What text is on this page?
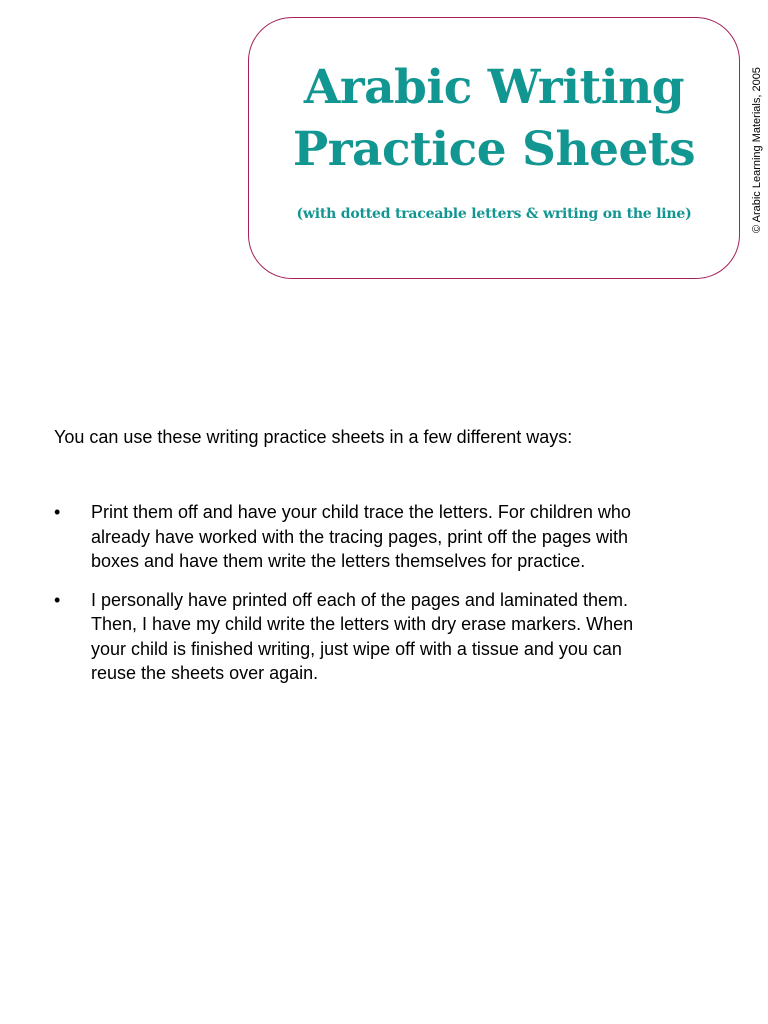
Arabic Writing
Practice Sheets
(with dotted traceable letters & writing on the line)	© Arabic Learning Materials, 2005
You can use these writing practice sheets in a few different ways:
•	Print them off and have your child trace the letters. For children who
already have worked with the tracing pages, print off the pages with
boxes and have them write the letters themselves for practice.
•	I personally have printed off each of the pages and laminated them.
Then, I have my child write the letters with dry erase markers. When
your child is finished writing, just wipe off with a tissue and you can
reuse the sheets over again.
